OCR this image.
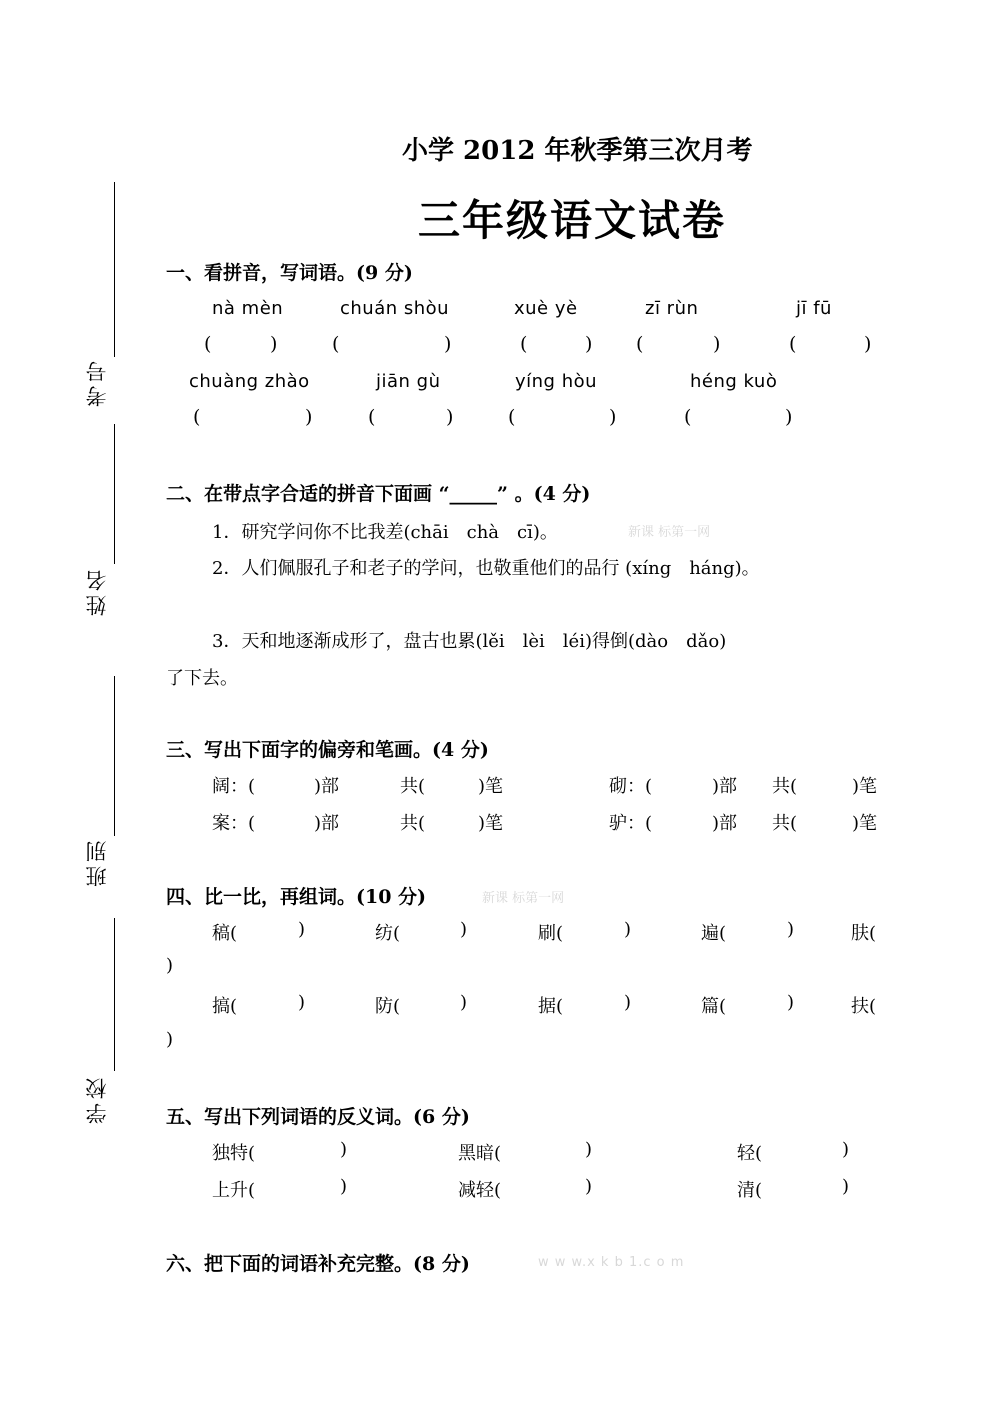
小学 2012 年秋季第三次月考
三年级语文试卷
考号
姓名
班别
学校
一、看拼音，写词语。(9 分)
nà mèn	chuán shòu	xuè yè	zī rùn	jī fū
(	)	(	)	(	) (	)	(	)
chuàng zhào	jiān gù	yíng hòu	héng kuò
(	)	(	)	(	)	(	)
二、在带点字合适的拼音下面画 “_____” 。(4 分)
1．研究学问你不比我差(chāi　chà　cī)。	新课 标第一网
2．人们佩服孔子和老子的学问，也敬重他们的品行 (xíng　háng)。
3．天和地逐渐成形了，盘古也累(lěi　lèi　léi)得倒(dào　dǎo)
了下去。
三、写出下面字的偏旁和笔画。(4 分)
阔：(	)部	共(	)笔	砌：(	)部 共(	)笔
案：(	)部	共(	)笔	驴：(	)部 共(	)笔
四、比一比，再组词。(10 分)	新课 标第一网
稿(	)	纺(	)	刷(	)	遍(	)	肤(
)
搞(	)	防(	)	据(	)	篇(	)	扶(
)
五、写出下列词语的反义词。(6 分)
独特(	)	黑暗(	)	轻(	)
上升(	)	减轻(	)	清(	)
六、把下面的词语补充完整。(8 分)	w w w.x k b 1.c o m
